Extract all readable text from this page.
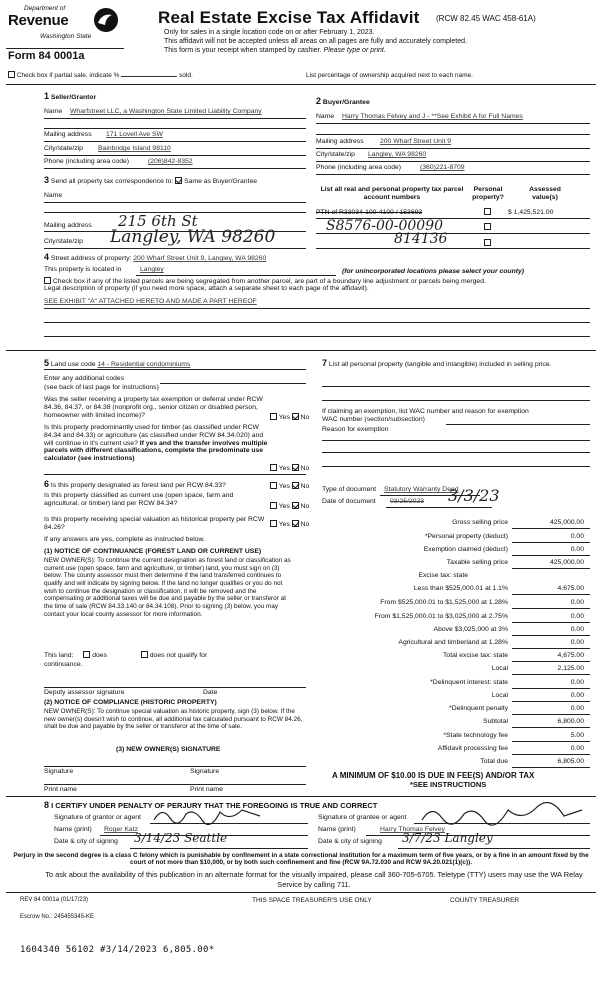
Department of
Revenue
Washington State
Form 84 0001a
Real Estate Excise Tax Affidavit (RCW 82.45 WAC 458-61A)
Only for sales in a single location code on or after February 1, 2023.
This affidavit will not be accepted unless all areas on all pages are fully and accurately completed.
This form is your receipt when stamped by cashier. Please type or print.
Check box if partial sale, indicate %	sold.	List percentage of ownership acquired next to each name.
1 Seller/Grantor
Name Wharfstreet LLC, a Washington State Limited Liability Company
Mailing address 171 Lovell Ave SW
City/state/zip Bainbridge Island 98110
Phone (including area code)	(206)842-8352
2 Buyer/Grantee
Name Harry Thomas Felvey and J - **See Exhibit A for Full Names
Mailing address 200 Wharf Street Unit 9
City/state/zip Langley, WA 98260
Phone (including area code)	(360)221-8709
3 Send all property tax correspondence to: Same as Buyer/Grantee
Name
Mailing address 215 6th St
City/state/zip Langley, WA 98260
List all real and personal property tax parcel account numbers
Personal property?
Assessed value(s)
PTN of R33034-100-4100 / 153693	$ 1,425,521.00
S8576-00-00090
814136
4 Street address of property: 200 Wharf Street Unit 9, Langley, WA 98260
This property is located in	Langley	(for unincorporated locations please select your county)
Check box if any of the listed parcels are being segregated from another parcel, are part of a boundary line adjustment or parcels being merged.
Legal description of property (if you need more space, attach a separate sheet to each page of the affidavit).
SEE EXHIBIT "A" ATTACHED HERETO AND MADE A PART HEREOF
5 Land use code 14 - Residential condominiums
Enter any additional codes
(see back of last page for instructions)
Was the seller receiving a property tax exemption or deferral under RCW 84.36, 84.37, or 84.38 (nonprofit org., senior citizen or disabled person, homeowner with limited income)?	Yes No
Is this property predominantly used for timber (as classified under RCW 84.34 and 84.33) or agriculture (as classified under RCW 84.34.020) and will continue in it's current use? If yes and the transfer involves multiple parcels with different classifications, complete the predominate use calculator (see instructions)
Yes No
7 List all personal property (tangible and intangible) included in selling price.
If claiming an exemption, list WAC number and reason for exemption
WAC number (section/subsection)
Reason for exemption
6 Is this property designated as forest land per RCW 84.33?	Yes No
Is this property classified as current use (open space, farm and agricultural, or timber) land per RCW 84.34?	Yes No
Is this property receiving special valuation as historical property per RCW 84.26?	Yes No
If any answers are yes, complete as instructed below.
(1) NOTICE OF CONTINUANCE (FOREST LAND OR CURRENT USE)
NEW OWNER(S): To continue the current designation as forest land or classification as current use (open space, farm and agriculture, or timber) land, you must sign on (3) below. The county assessor must then determine if the land transferred continues to qualify and will indicate by signing below. If the land no longer qualifies or you do not wish to continue the designation or classification, it will be removed and the compensating or additional taxes will be due and payable by the seller or transferor at the time of sale (RCW 84.33.140 or 84.34.108). Prior to signing (3) below, you may contact your local county assessor for more information.
This land:	does	does not qualify for
continuance.
Deputy assessor signature	Date
(2) NOTICE OF COMPLIANCE (HISTORIC PROPERTY)
NEW OWNER(S): To continue special valuation as historic property, sign (3) below. If the new owner(s) doesn't wish to continue, all additional tax calculated pursuant to RCW 84.26, shall be due and payable by the seller or transferor at the time of sale.
(3) NEW OWNER(S) SIGNATURE
Signature	Signature
Print name	Print name
Type of document Statutory Warranty Deed
Date of document 03/25/2023 3/3/23
Gross selling price	425,000.00
*Personal property (deduct)	0.00
Exemption claimed (deduct)	0.00
Taxable selling price	425,000.00
Excise tax: state
Less than $525,000.01 at 1.1%	4,675.00
From $525,000.01 to $1,525,000 at 1.28%	0.00
From $1,525,000.01 to $3,025,000 at 2.75%	0.00
Above $3,025,000 at 3%	0.00
Agricultural and timberland at 1.28%	0.00
Total excise tax: state	4,675.00
Local	2,125.00
*Delinquent interest: state	0.00
Local	0.00
*Delinquent penalty	0.00
Subtotal	6,800.00
*State technology fee	5.00
Affidavit processing fee	0.00
Total due	6,805.00
A MINIMUM OF $10.00 IS DUE IN FEE(S) AND/OR TAX
*SEE INSTRUCTIONS
8 I CERTIFY UNDER PENALTY OF PERJURY THAT THE FOREGOING IS TRUE AND CORRECT
Signature of grantor or agent
Name (print) Roger Katz
Date & city of signing 3/14/23 Seattle
Signature of grantee or agent
Name (print)	Harry Thomas Felvey
Date & city of signing 3/7/23 Langley
Perjury in the second degree is a class C felony which is punishable by confinement in a state correctional institution for a maximum term of five years, or by a fine in an amount fixed by the court of not more than $10,000, or by both such confinement and fine (RCW 9A.72.030 and RCW 9A.20.021(1)(c)).
To ask about the availability of this publication in an alternate format for the visually impaired, please call 360-705-6705. Teletype (TTY) users may use the WA Relay Service by calling 711.
REV 84 0001a (01/17/23)	THIS SPACE TREASURER'S USE ONLY	COUNTY TREASURER
Escrow No.: 245455345-KE
1604340 56102 #3/14/2023 6,805.00*
